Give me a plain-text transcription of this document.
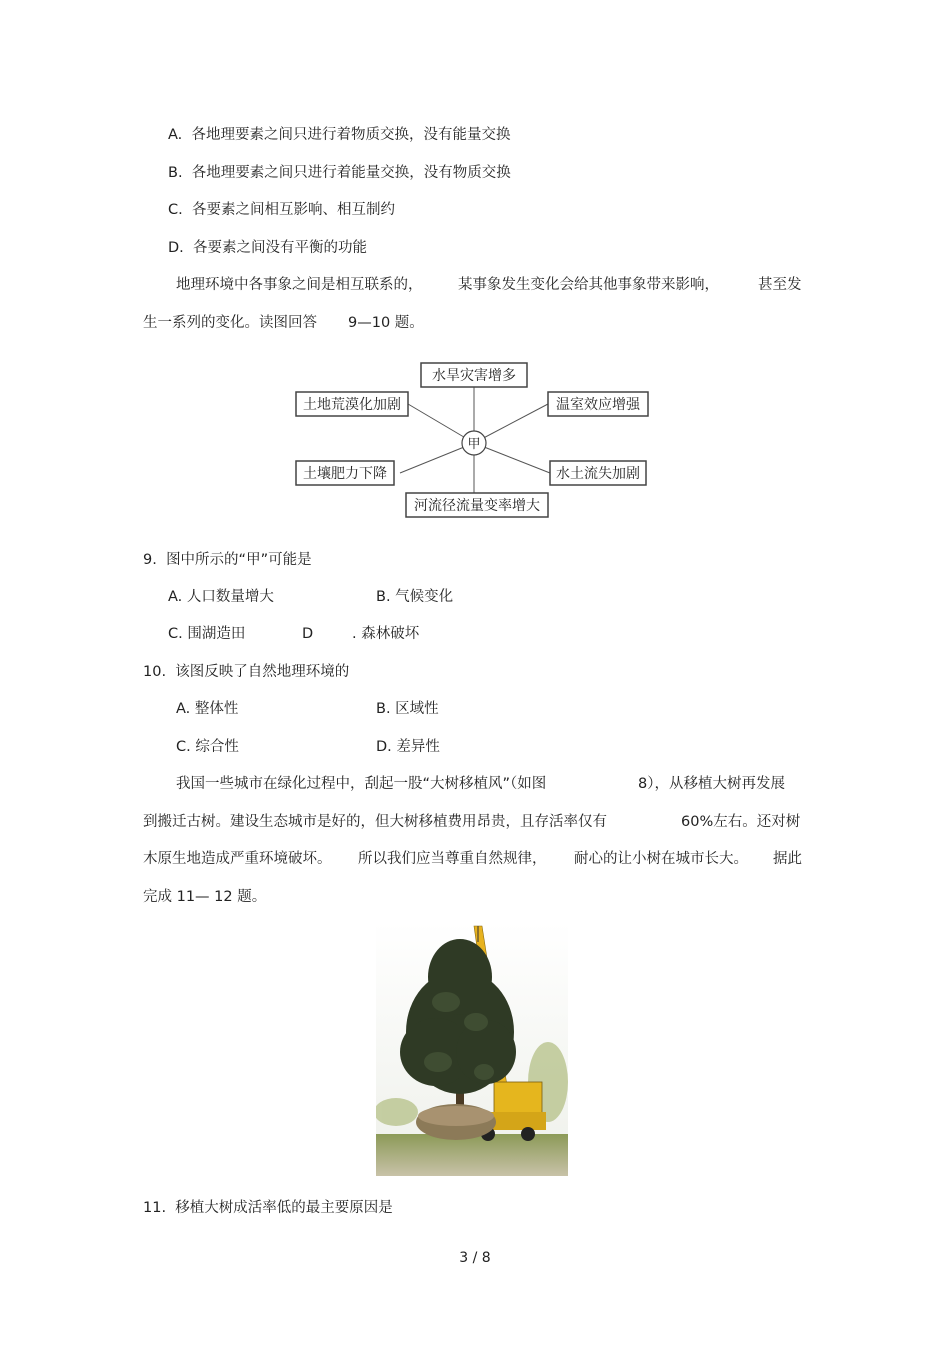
A. 各地理要素之间只进行着物质交换，没有能量交换
B. 各地理要素之间只进行着能量交换，没有物质交换
C. 各要素之间相互影响、相互制约
D. 各要素之间没有平衡的功能
地理环境中各事象之间是相互联系的， 某事象发生变化会给其他事象带来影响，	甚至发
生一系列的变化。读图回答 9—10 题。
甲
水旱灾害增多
土地荒漠化加剧	温室效应增强
土壤肥力下降	水土流失加剧
河流径流量变率增大
9. 图中所示的“甲”可能是
A. 人口数量增大	B. 气候变化
C. 围湖造田	D	. 森林破坏
10. 该图反映了自然地理环境的
A. 整体性	B. 区域性
C. 综合性	D. 差异性
我国一些城市在绿化过程中，刮起一股“大树移植风”（如图	8），从移植大树再发展
到搬迁古树。建设生态城市是好的，但大树移植费用昂贵，且存活率仅有	60%左右。还对树
木原生地造成严重环境破坏。 所以我们应当尊重自然规律， 耐心的让小树在城市长大。 据此
完成 11— 12 题。
11. 移植大树成活率低的最主要原因是
3 / 8
